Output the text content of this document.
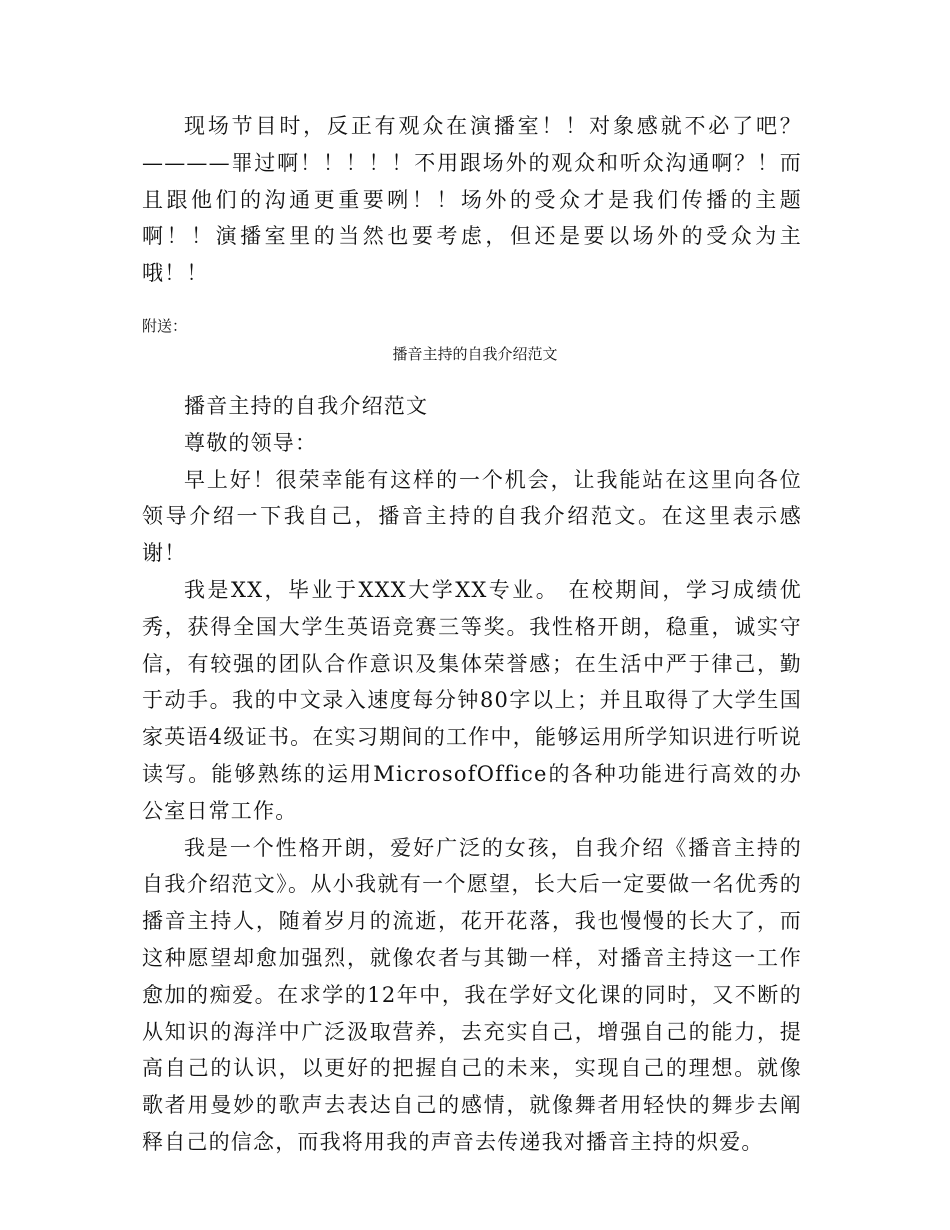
现场节目时，反正有观众在演播室！！对象感就不必了吧？————罪过啊！！！！！不用跟场外的观众和听众沟通啊？！而且跟他们的沟通更重要咧！！场外的受众才是我们传播的主题啊！！演播室里的当然也要考虑，但还是要以场外的受众为主哦！！

附送：

播音主持的自我介绍范文

播音主持的自我介绍范文

尊敬的领导：

早上好！很荣幸能有这样的一个机会，让我能站在这里向各位领导介绍一下我自己，播音主持的自我介绍范文。在这里表示感谢！

我是XX，毕业于XXX大学XX专业。 在校期间，学习成绩优秀，获得全国大学生英语竞赛三等奖。我性格开朗，稳重，诚实守信，有较强的团队合作意识及集体荣誉感；在生活中严于律己，勤于动手。我的中文录入速度每分钟80字以上；并且取得了大学生国家英语4级证书。在实习期间的工作中，能够运用所学知识进行听说读写。能够熟练的运用MicrosofOffice的各种功能进行高效的办公室日常工作。

我是一个性格开朗，爱好广泛的女孩，自我介绍《播音主持的自我介绍范文》。从小我就有一个愿望，长大后一定要做一名优秀的播音主持人，随着岁月的流逝，花开花落，我也慢慢的长大了，而这种愿望却愈加强烈，就像农者与其锄一样，对播音主持这一工作愈加的痴爱。在求学的12年中，我在学好文化课的同时，又不断的从知识的海洋中广泛汲取营养，去充实自己，增强自己的能力，提高自己的认识，以更好的把握自己的未来，实现自己的理想。就像歌者用曼妙的歌声去表达自己的感情，就像舞者用轻快的舞步去阐释自己的信念，而我将用我的声音去传递我对播音主持的炽爱。
